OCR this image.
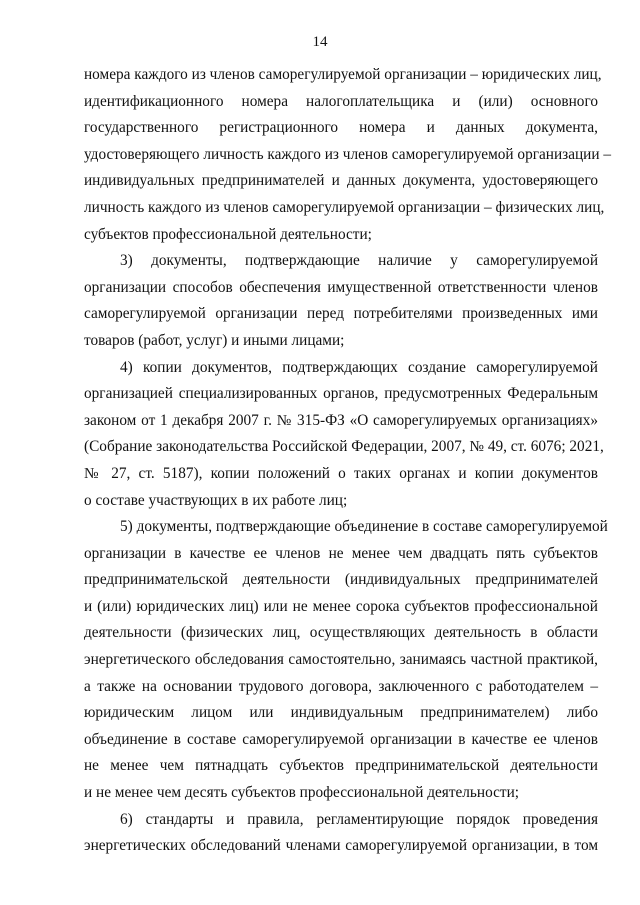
14
номера каждого из членов саморегулируемой организации – юридических лиц,
идентификационного номера налогоплательщика и (или) основного
государственного регистрационного номера и данных документа,
удостоверяющего личность каждого из членов саморегулируемой организации –
индивидуальных предпринимателей и данных документа, удостоверяющего
личность каждого из членов саморегулируемой организации – физических лиц,
субъектов профессиональной деятельности;
3) документы, подтверждающие наличие у саморегулируемой
организации способов обеспечения имущественной ответственности членов
саморегулируемой организации перед потребителями произведенных ими
товаров (работ, услуг) и иными лицами;
4) копии документов, подтверждающих создание саморегулируемой
организацией специализированных органов, предусмотренных Федеральным
законом от 1 декабря 2007 г. № 315-ФЗ «О саморегулируемых организациях»
(Собрание законодательства Российской Федерации, 2007, № 49, ст. 6076; 2021,
№ 27, ст. 5187), копии положений о таких органах и копии документов
о составе участвующих в их работе лиц;
5) документы, подтверждающие объединение в составе саморегулируемой
организации в качестве ее членов не менее чем двадцать пять субъектов
предпринимательской деятельности (индивидуальных предпринимателей
и (или) юридических лиц) или не менее сорока субъектов профессиональной
деятельности (физических лиц, осуществляющих деятельность в области
энергетического обследования самостоятельно, занимаясь частной практикой,
а также на основании трудового договора, заключенного с работодателем –
юридическим лицом или индивидуальным предпринимателем) либо
объединение в составе саморегулируемой организации в качестве ее членов
не менее чем пятнадцать субъектов предпринимательской деятельности
и не менее чем десять субъектов профессиональной деятельности;
6) стандарты и правила, регламентирующие порядок проведения
энергетических обследований членами саморегулируемой организации, в том
